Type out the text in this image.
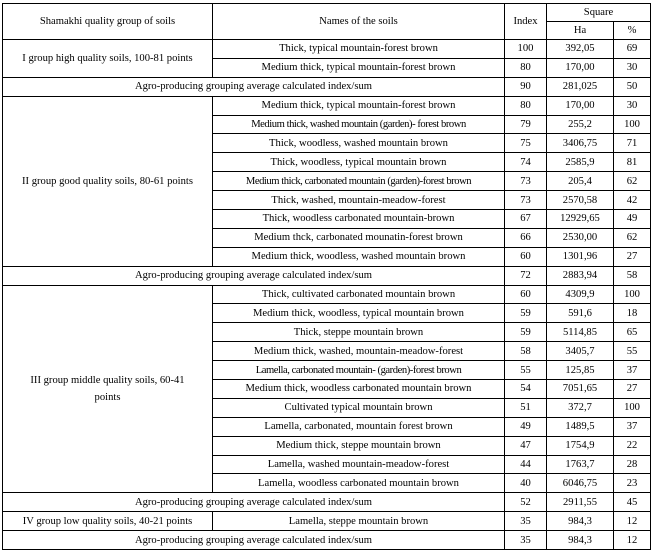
Shamakhi quality group of soils	Names of the soils	Index	Square	
			Ha	%
I group high quality soils, 100-81 points	Thick, typical mountain-forest brown	100	392,05	69
	Medium thick, typical mountain-forest brown	80	170,00	30
Agro-producing grouping average calculated index/sum		90	281,025	50
II group good quality soils, 80-61 points	Medium thick, typical mountain-forest brown	80	170,00	30
	Medium thick, washed mountain (garden)- forest brown	79	255,2	100
	Thick, woodless, washed mountain brown	75	3406,75	71
	Thick, woodless, typical mountain brown	74	2585,9	81
	Medium thick, carbonated mountain (garden)-forest brown	73	205,4	62
	Thick, washed, mountain-meadow-forest	73	2570,58	42
	Thick, woodless carbonated mountain-brown	67	12929,65	49
	Medium thck, carbonated mounatin-forest brown	66	2530,00	62
	Medium thick, woodless, washed mountain brown	60	1301,96	27
Agro-producing grouping average calculated index/sum		72	2883,94	58
III group middle quality soils, 60-41 points	Thick, cultivated carbonated mountain brown	60	4309,9	100
	Medium thick, woodless, typical mountain brown	59	591,6	18
	Thick, steppe mountain brown	59	5114,85	65
	Medium thick, washed, mountain-meadow-forest	58	3405,7	55
	Lamella, carbonated mountain- (garden)-forest brown	55	125,85	37
	Medium thick, woodless carbonated mountain brown	54	7051,65	27
	Cultivated typical mountain brown	51	372,7	100
	Lamella, carbonated, mountain forest brown	49	1489,5	37
	Medium thick, steppe mountain brown	47	1754,9	22
	Lamella, washed mountain-meadow-forest	44	1763,7	28
	Lamella, woodless carbonated mountain brown	40	6046,75	23
Agro-producing grouping average calculated index/sum		52	2911,55	45
IV group low quality soils, 40-21 points	Lamella, steppe mountain brown	35	984,3	12
Agro-producing grouping average calculated index/sum		35	984,3	12
